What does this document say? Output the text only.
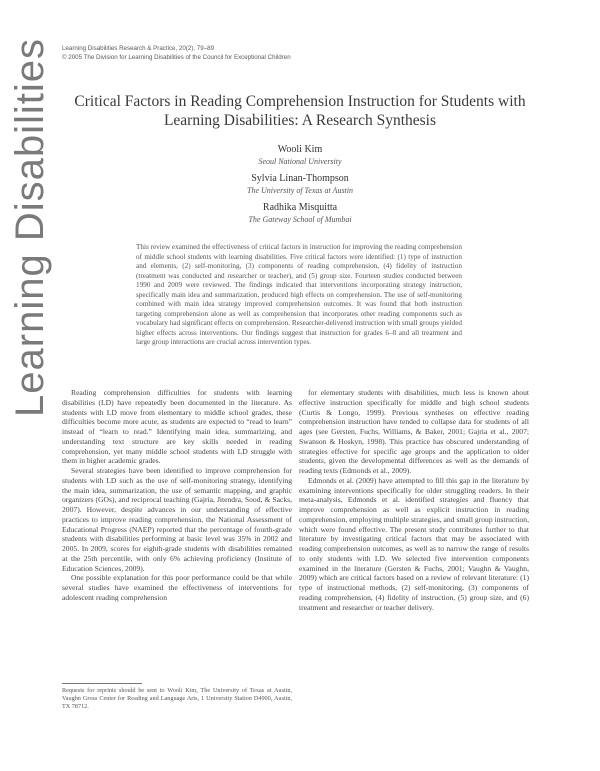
Learning Disabilities Learning Disabilities Research & Practice, 20(2), 79–89
© 2005 The Division for Learning Disabilities of the Council for Exceptional Children
Critical Factors in Reading Comprehension Instruction for Students with Learning Disabilities: A Research Synthesis
Wooli Kim
Seoul National University
Sylvia Linan-Thompson
The University of Texas at Austin
Radhika Misquitta
The Gateway School of Mumbai
This review examined the effectiveness of critical factors in instruction for improving the reading comprehension of middle school students with learning disabilities. Five critical factors were identified: (1) type of instruction and elements, (2) self-monitoring, (3) components of reading comprehension, (4) fidelity of instruction (treatment was conducted and researcher or teacher), and (5) group size. Fourteen studies conducted between 1990 and 2009 were reviewed. The findings indicated that interventions incorporating strategy instruction, specifically main idea and summarization, produced high effects on comprehension. The use of self-monitoring combined with main idea strategy improved comprehension outcomes. It was found that both instruction targeting comprehension alone as well as comprehension that incorporates other reading components such as vocabulary had significant effects on comprehension. Researcher-delivered instruction with small groups yielded higher effects across interventions. Our findings suggest that instruction for grades 6–8 and all treatment and large group interactions are crucial across intervention types.

Reading comprehension difficulties for students with learning disabilities (LD) have repeatedly been documented in the literature. As students with LD move from elementary to middle school grades, these difficulties become more acute, as students are expected to “read to learn” instead of “learn to read.” Identifying main idea, summarizing, and understanding text structure are key skills needed in reading comprehension, yet many middle school students with LD struggle with them in higher academic grades.

Several strategies have been identified to improve comprehension for students with LD such as the use of self-monitoring strategy, identifying the main idea, summarization, the use of semantic mapping, and graphic organizers (GOs), and reciprocal teaching (Gajria, Jitendra, Sood, & Sacks, 2007). However, despite advances in our understanding of effective practices to improve reading comprehension, the National Assessment of Educational Progress (NAEP) reported that the percentage of fourth-grade students with disabilities performing at basic level was 35% in 2002 and 2005. In 2009, scores for eighth-grade students with disabilities remained at the 25th percentile, with only 6% achieving proficiency (Institute of Education Sciences, 2009).

One possible explanation for this poor performance could be that while several studies have examined the effectiveness of interventions for adolescent reading comprehension

for elementary students with disabilities, much less is known about effective instruction specifically for middle and high school students (Curtis & Longo, 1999). Previous syntheses on effective reading comprehension instruction have tended to collapse data for students of all ages (see Gersten, Fuchs, Williams, & Baker, 2001; Gajria et al., 2007; Swanson & Hoskyn, 1998). This practice has obscured understanding of strategies effective for specific age groups and the application to older students, given the developmental differences as well as the demands of reading texts (Edmonds et al., 2009).

Edmonds et al. (2009) have attempted to fill this gap in the literature by examining interventions specifically for older struggling readers. In their meta-analysis, Edmonds et al. identified strategies and fluency that improve comprehension as well as explicit instruction in reading comprehension, employing multiple strategies, and small group instruction, which were found effective. The present study contributes further to that literature by investigating critical factors that may be associated with reading comprehension outcomes, as well as to narrow the range of results to only students with LD. We selected five intervention components examined in the literature (Gersten & Fuchs, 2001; Vaughn & Vaughn, 2009) which are critical factors based on a review of relevant literature: (1) type of instructional methods, (2) self-monitoring, (3) components of reading comprehension, (4) fidelity of instruction, (5) group size, and (6) treatment and researcher or teacher delivery.

Requests for reprints should be sent to Wooli Kim, The University of Texas at Austin, Vaughn Gross Center for Reading and Language Arts, 1 University Station D4900, Austin, TX 78712.
